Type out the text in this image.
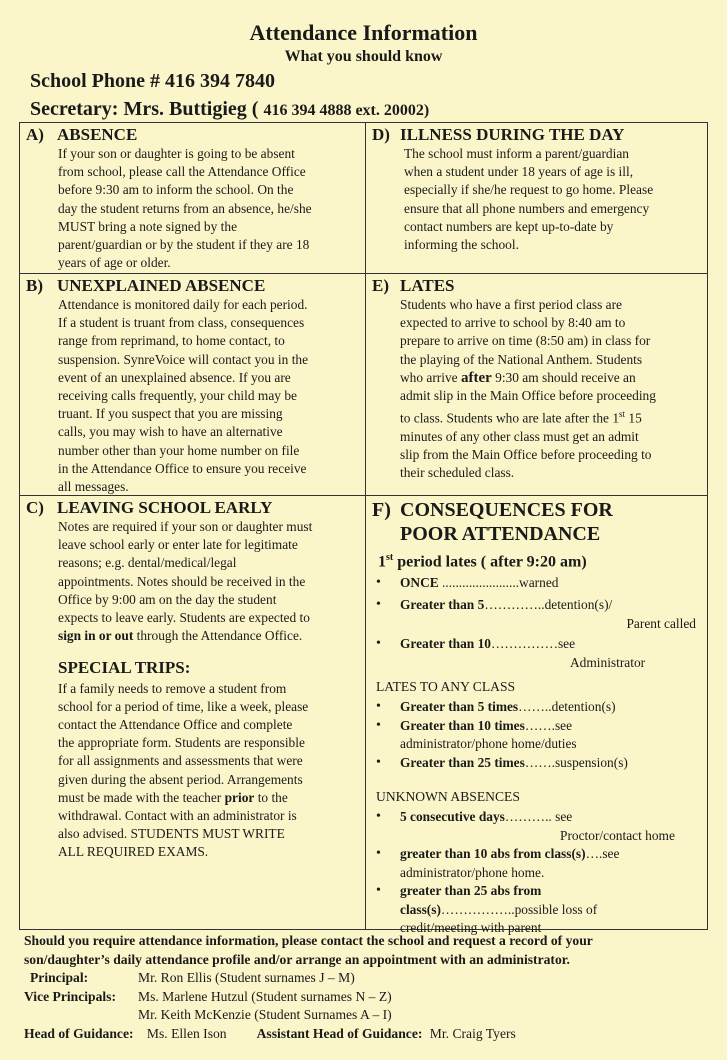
Attendance Information
What you should know
School Phone # 416 394 7840
Secretary: Mrs. Buttigieg ( 416 394 4888 ext. 20002)
A) ABSENCE

If your son or daughter is going to be absent

from school, please call the Attendance Office

before 9:30 am to inform the school. On the

day the student returns from an absence, he/she

MUST bring a note signed by the

parent/guardian or by the student if they are 18

years of age or older.

D) ILLNESS DURING THE DAY

The school must inform a parent/guardian

when a student under 18 years of age is ill,

especially if she/he request to go home. Please

ensure that all phone numbers and emergency

contact numbers are kept up-to-date by

informing the school.

B) UNEXPLAINED ABSENCE

Attendance is monitored daily for each period.

If a student is truant from class, consequences

range from reprimand, to home contact, to

suspension. SynreVoice will contact you in the

event of an unexplained absence. If you are

receiving calls frequently, your child may be

truant. If you suspect that you are missing

calls, you may wish to have an alternative

number other than your home number on file

in the Attendance Office to ensure you receive

all messages.

E) LATES

Students who have a first period class are

expected to arrive to school by 8:40 am to

prepare to arrive on time (8:50 am) in class for

the playing of the National Anthem. Students

who arrive after 9:30 am should receive an

admit slip in the Main Office before proceeding

to class. Students who are late after the 1st 15

minutes of any other class must get an admit

slip from the Main Office before proceeding to

their scheduled class.

C) LEAVING SCHOOL EARLY

Notes are required if your son or daughter must

leave school early or enter late for legitimate

reasons; e.g. dental/medical/legal

appointments. Notes should be received in the

Office by 9:00 am on the day the student

expects to leave early. Students are expected to

sign in or out through the Attendance Office.

SPECIAL TRIPS:

If a family needs to remove a student from

school for a period of time, like a week, please

contact the Attendance Office and complete

the appropriate form. Students are responsible

for all assignments and assessments that were

given during the absent period. Arrangements

must be made with the teacher prior to the

withdrawal. Contact with an administrator is

also advised. STUDENTS MUST WRITE

ALL REQUIRED EXAMS.

F) CONSEQUENCES FOR
POOR ATTENDANCE
1st period lates ( after 9:20 am)
• ONCE .......................warned
• Greater than 5…………..detention(s)/
Parent called
• Greater than 10……………see
Administrator
LATES TO ANY CLASS
• Greater than 5 times……..detention(s)
• Greater than 10 times…….see
administrator/phone home/duties
• Greater than 25 times…….suspension(s)
UNKNOWN ABSENCES
• 5 consecutive days……….. see
Proctor/contact home
• greater than 10 abs from class(s)….see
administrator/phone home.
• greater than 25 abs from
class(s)……………..possible loss of
credit/meeting with parent
Should you require attendance information, please contact the school and request a record of your
son/daughter’s daily attendance profile and/or arrange an appointment with an administrator.
Principal:	Mr. Ron Ellis (Student surnames J – M)
Vice Principals:	Ms. Marlene Hutzul (Student surnames N – Z)
	Mr. Keith McKenzie (Student Surnames A – I)
Head of Guidance: Ms. Ellen Ison Assistant Head of Guidance: Mr. Craig Tyers
